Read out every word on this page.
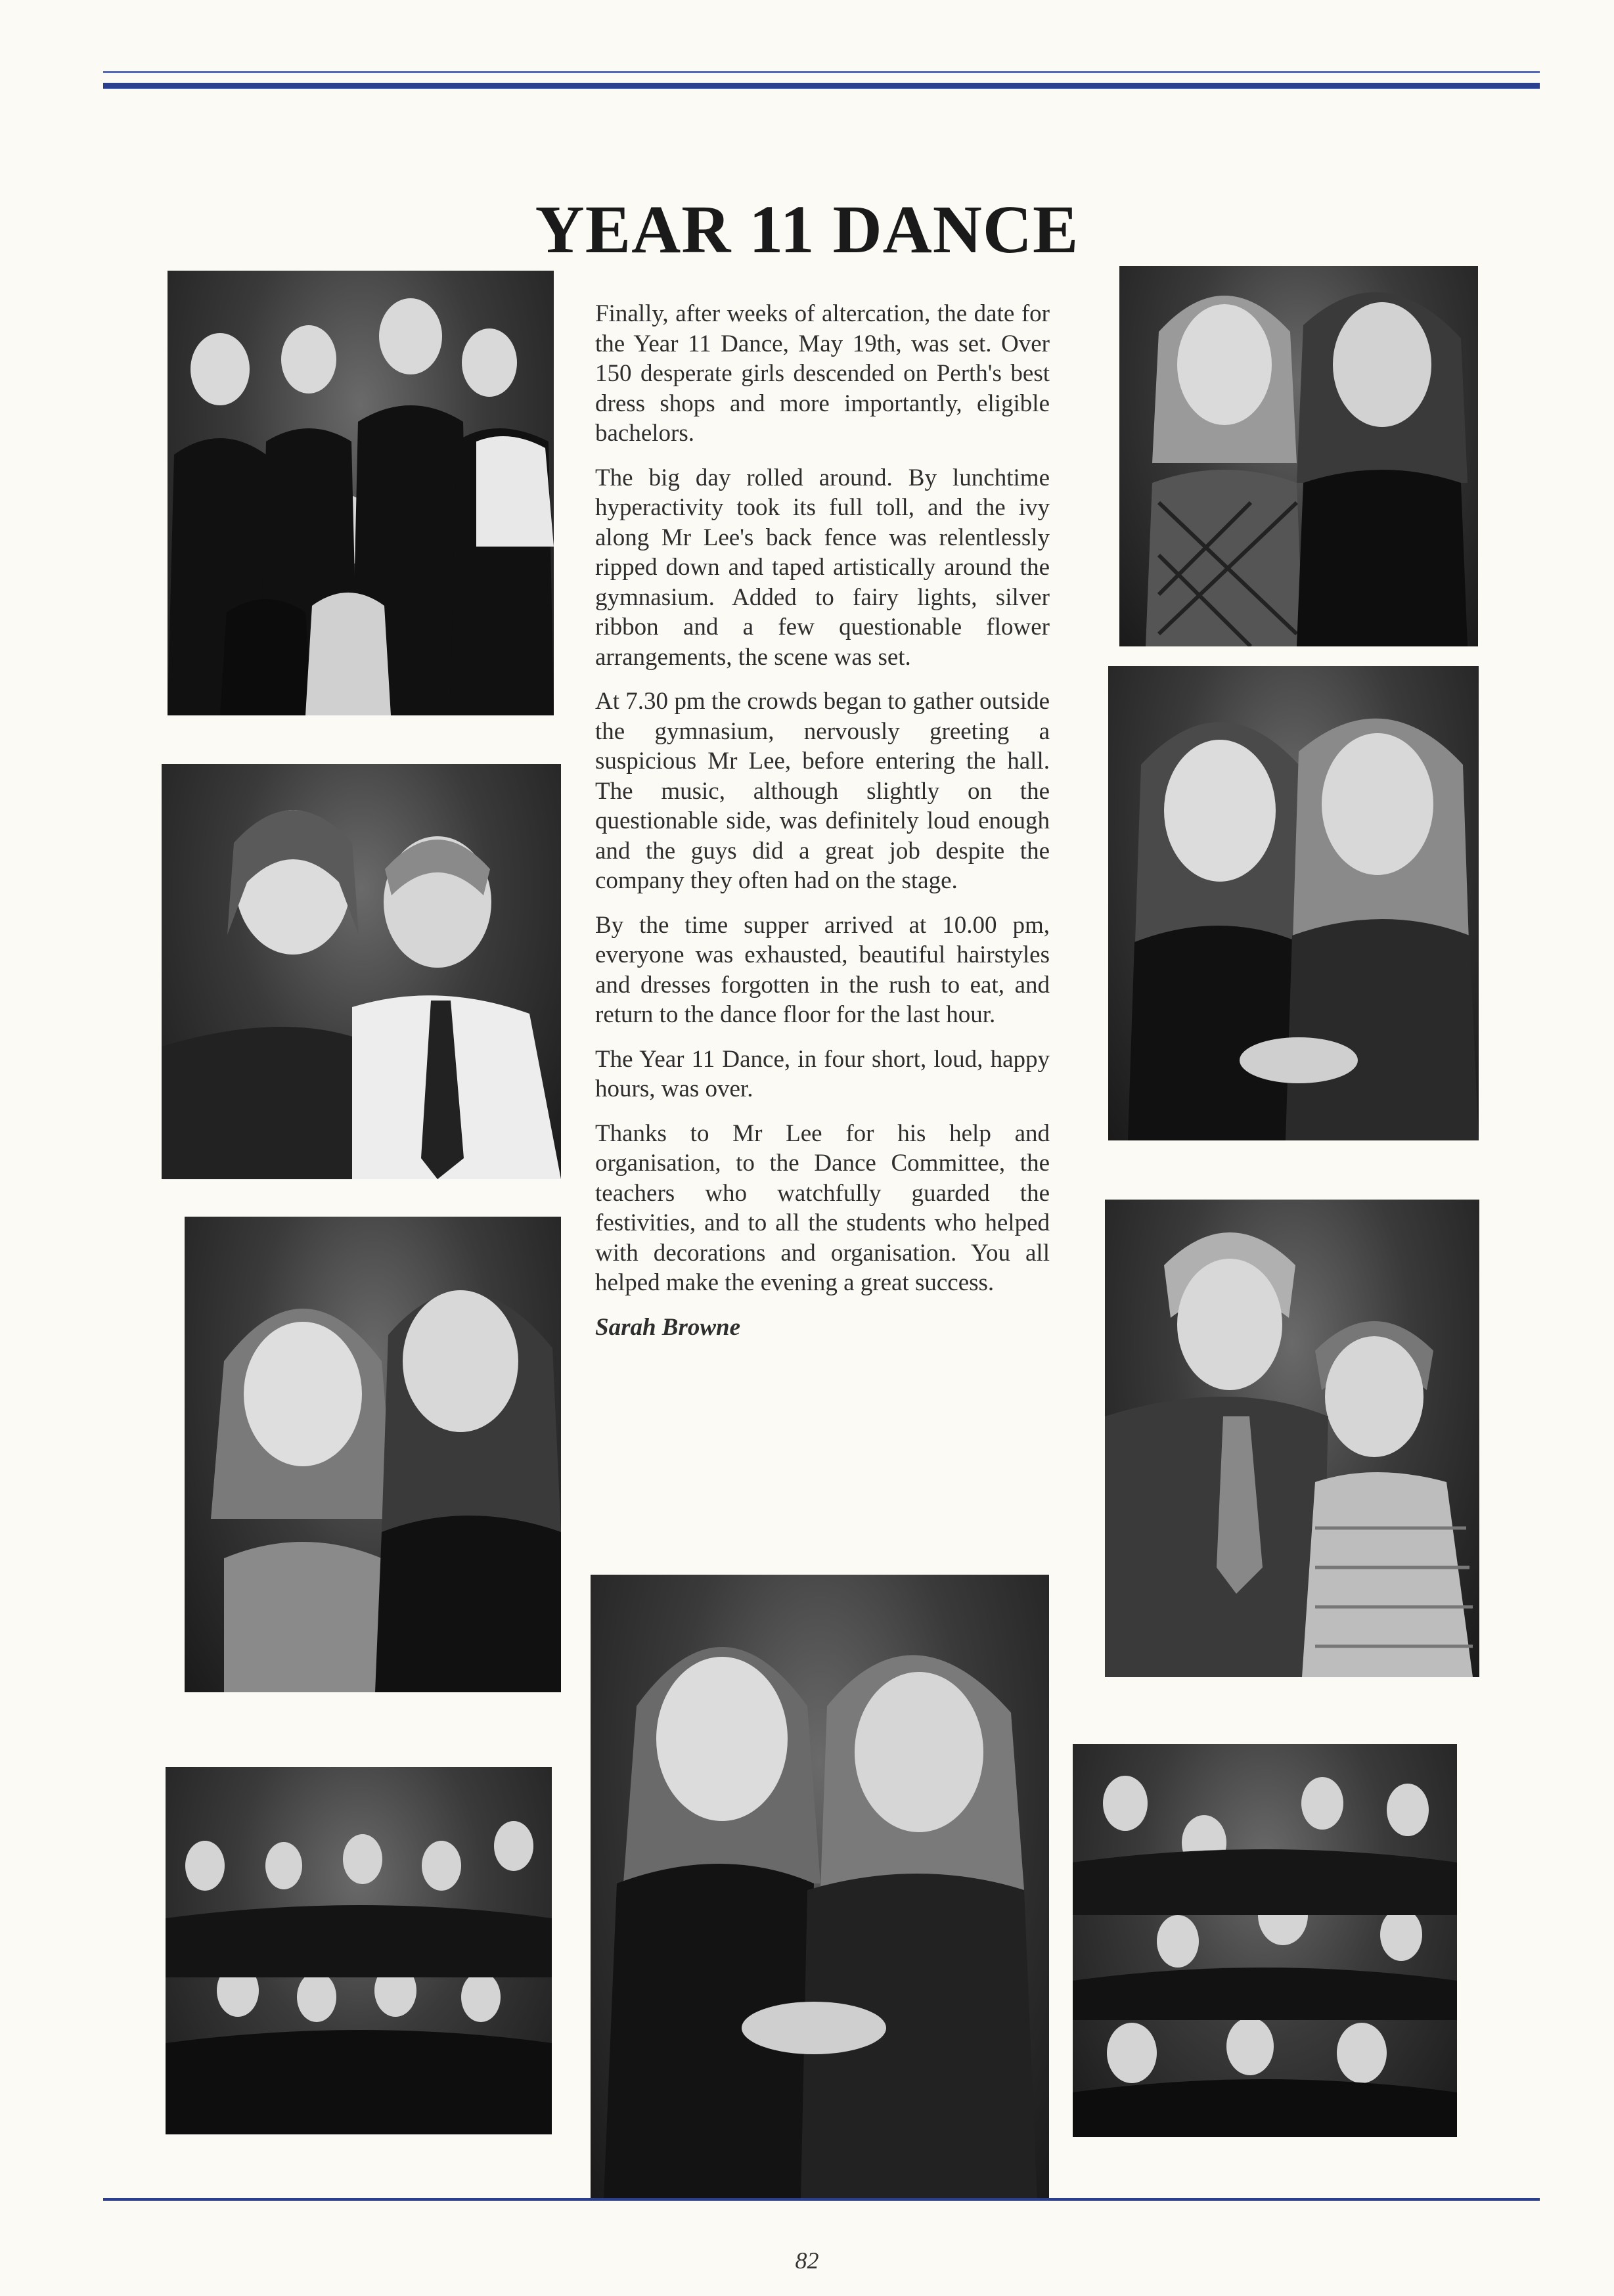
YEAR 11 DANCE

Finally, after weeks of altercation, the date for the Year 11 Dance, May 19th, was set. Over 150 desperate girls descended on Perth's best dress shops and more importantly, eligible bachelors.

The big day rolled around. By lunchtime hyperactivity took its full toll, and the ivy along Mr Lee's back fence was relentlessly ripped down and taped artistically around the gymnasium. Added to fairy lights, silver ribbon and a few questionable flower arrangements, the scene was set.

At 7.30 pm the crowds began to gather outside the gymnasium, nervously greeting a suspicious Mr Lee, before entering the hall. The music, although slightly on the questionable side, was definitely loud enough and the guys did a great job despite the company they often had on the stage.

By the time supper arrived at 10.00 pm, everyone was exhausted, beautiful hairstyles and dresses forgotten in the rush to eat, and return to the dance floor for the last hour.

The Year 11 Dance, in four short, loud, happy hours, was over.

Thanks to Mr Lee for his help and organisation, to the Dance Committee, the teachers who watchfully guarded the festivities, and to all the students who helped with decorations and organisation. You all helped make the evening a great success.

Sarah Browne
82
